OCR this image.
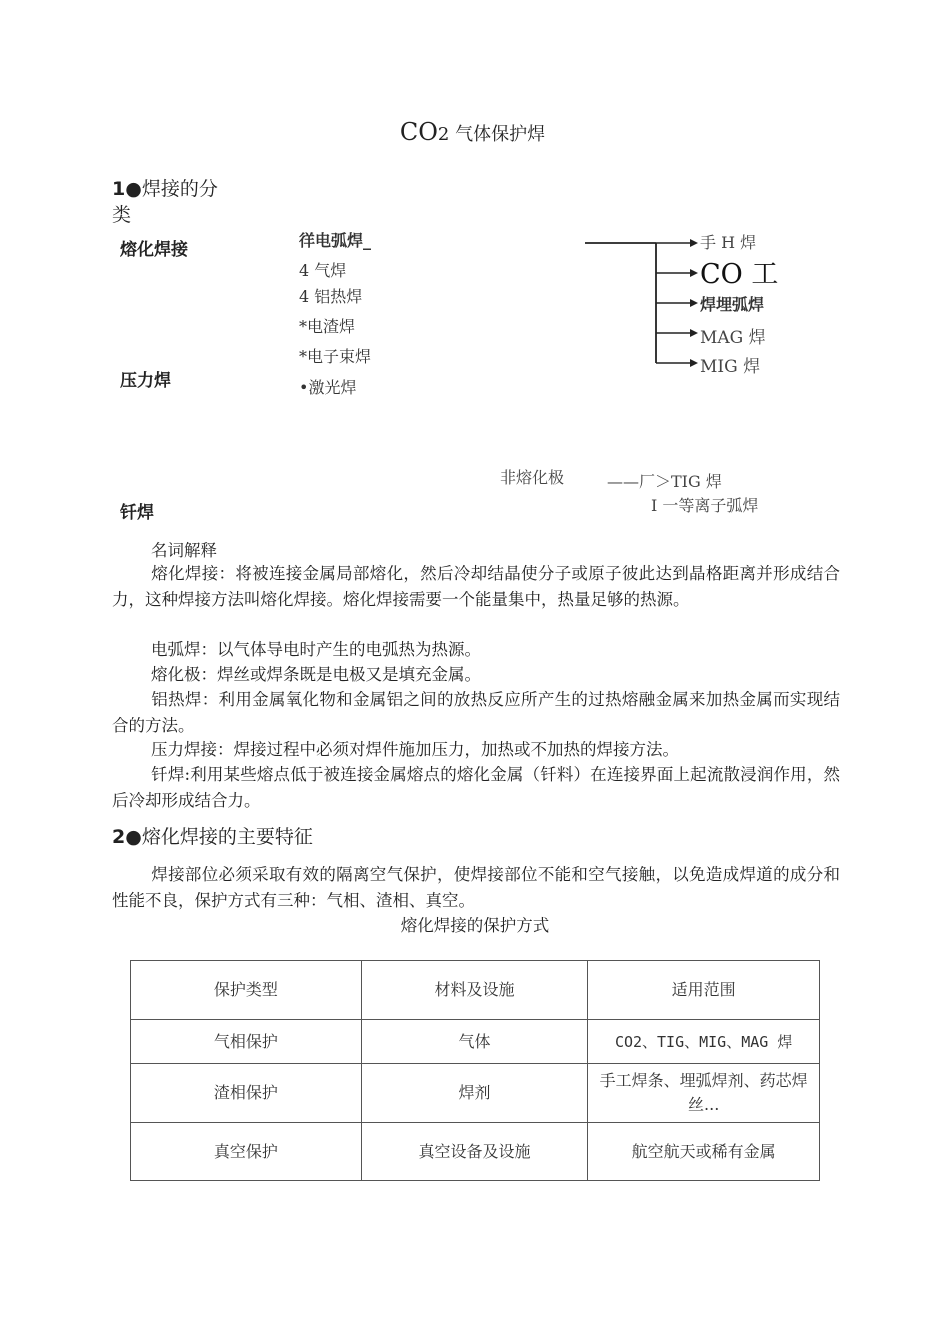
CO2 气体保护焊
1●焊接的分
类
熔化焊接
压力焊
钎焊
徉电弧焊_
4 气焊
4 铝热焊
*电渣焊
*电子束焊
•激光焊
手 H 焊
CO 工
焊埋弧焊
MAG 焊
MIG 焊
非熔化极	——厂＞TIG 焊
I 一等离子弧焊
名词解释
熔化焊接：将被连接金属局部熔化，然后冷却结晶使分子或原子彼此达到晶格距离并形成结合力，这种焊接方法叫熔化焊接。熔化焊接需要一个能量集中，热量足够的热源。
电弧焊：以气体导电时产生的电弧热为热源。
熔化极：焊丝或焊条既是电极又是填充金属。
铝热焊：利用金属氧化物和金属铝之间的放热反应所产生的过热熔融金属来加热金属而实现结合的方法。
压力焊接：焊接过程中必须对焊件施加压力，加热或不加热的焊接方法。
钎焊:利用某些熔点低于被连接金属熔点的熔化金属（钎料）在连接界面上起流散浸润作用，然后冷却形成结合力。
2●熔化焊接的主要特征
焊接部位必须采取有效的隔离空气保护，使焊接部位不能和空气接触，以免造成焊道的成分和性能不良，保护方式有三种：气相、渣相、真空。
熔化焊接的保护方式
保护类型	材料及设施	适用范围
气相保护	气体	CO2、TIG、MIG、MAG 焊
渣相保护	焊剂	手工焊条、埋弧焊剂、药芯焊丝...
真空保护	真空设备及设施	航空航天或稀有金属
